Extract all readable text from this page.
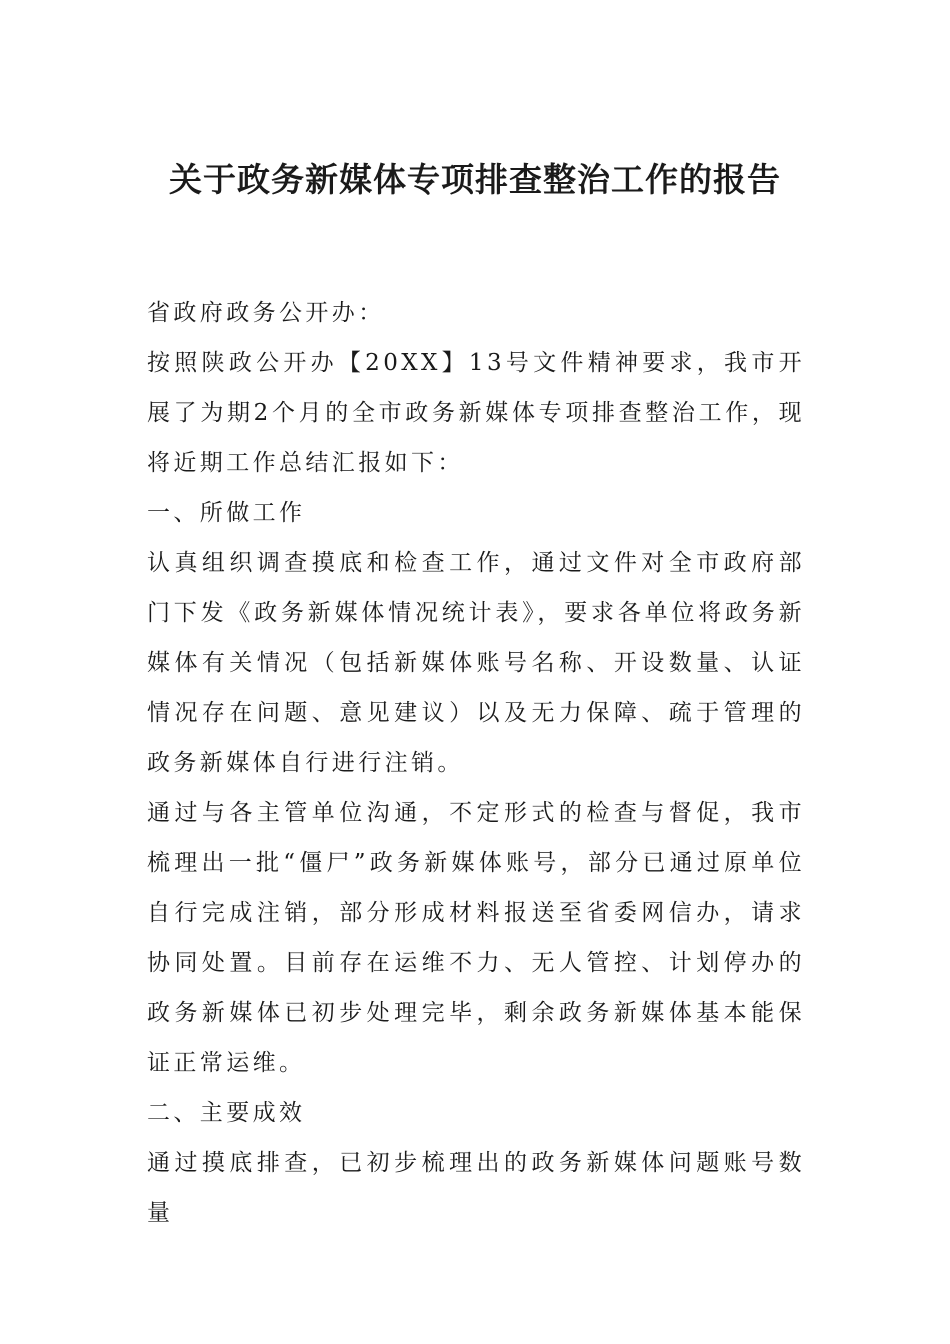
关于政务新媒体专项排查整治工作的报告

省政府政务公开办：

按照陕政公开办【20XX】13号文件精神要求，我市开展了为期2个月的全市政务新媒体专项排查整治工作，现将近期工作总结汇报如下：

一、所做工作

认真组织调查摸底和检查工作，通过文件对全市政府部门下发《政务新媒体情况统计表》，要求各单位将政务新媒体有关情况（包括新媒体账号名称、开设数量、认证情况存在问题、意见建议）以及无力保障、疏于管理的政务新媒体自行进行注销。

通过与各主管单位沟通，不定形式的检查与督促，我市梳理出一批“僵尸”政务新媒体账号，部分已通过原单位自行完成注销，部分形成材料报送至省委网信办，请求协同处置。目前存在运维不力、无人管控、计划停办的政务新媒体已初步处理完毕，剩余政务新媒体基本能保证正常运维。

二、主要成效

通过摸底排查，已初步梳理出的政务新媒体问题账号数量
